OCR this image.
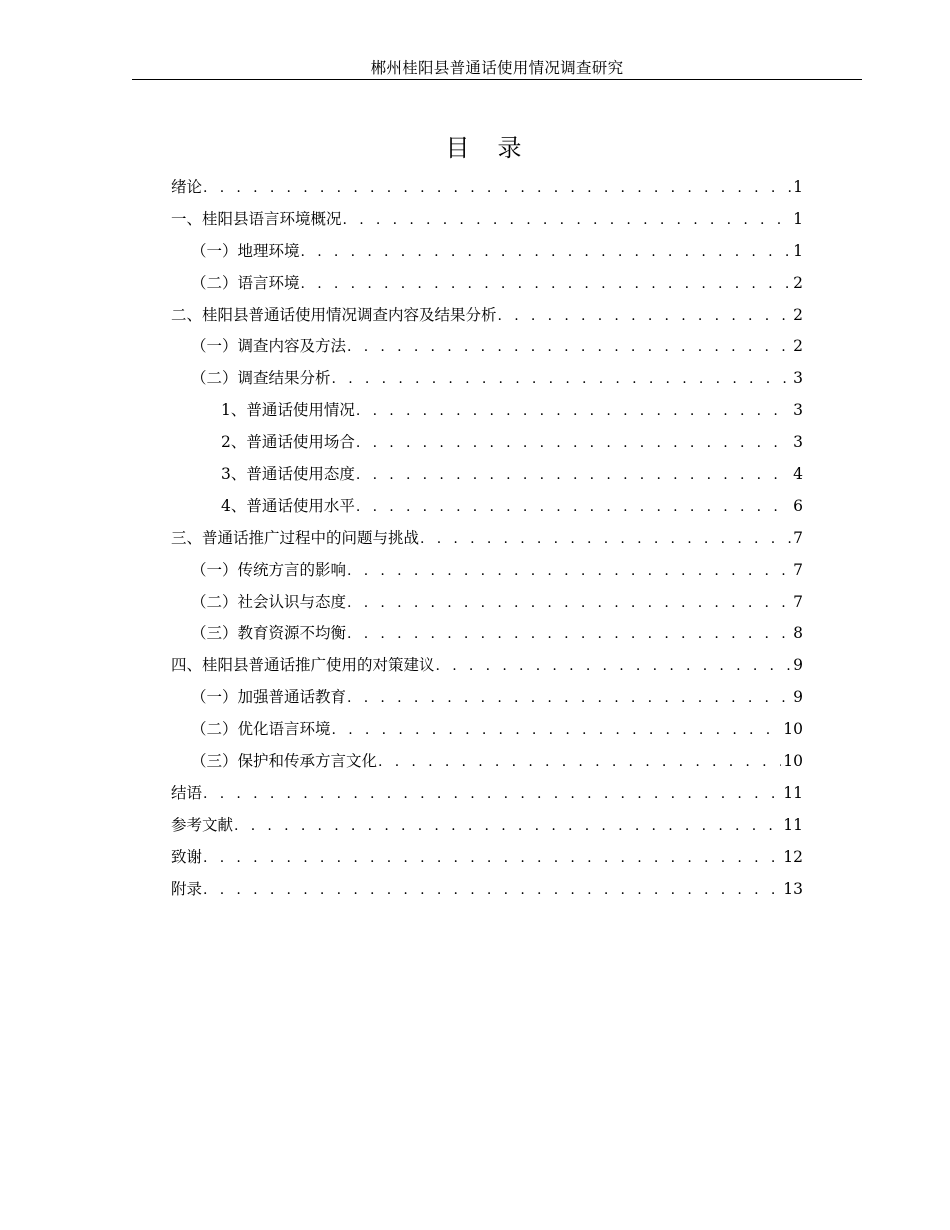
郴州桂阳县普通话使用情况调查研究
目录
绪论 . . .	1
一、桂阳县语言环境概况 . . .	1
（一）地理环境 . . .	1
（二）语言环境 . . .	2
二、桂阳县普通话使用情况调查内容及结果分析 . . .	2
（一）调查内容及方法 . . .	2
（二）调查结果分析 . . .	3
1、普通话使用情况 . . .	3
2、普通话使用场合 . . .	3
3、普通话使用态度 . . .	4
4、普通话使用水平 . . .	6
三、普通话推广过程中的问题与挑战 . . .	7
（一）传统方言的影响 . . .	7
（二）社会认识与态度 . . .	7
（三）教育资源不均衡 . . .	8
四、桂阳县普通话推广使用的对策建议 . . .	9
（一）加强普通话教育 . . .	9
（二）优化语言环境 . . .	10
（三）保护和传承方言文化 . . .	10
结语 . . .	11
参考文献 . . .	11
致谢 . . .	12
附录 . . .	13
